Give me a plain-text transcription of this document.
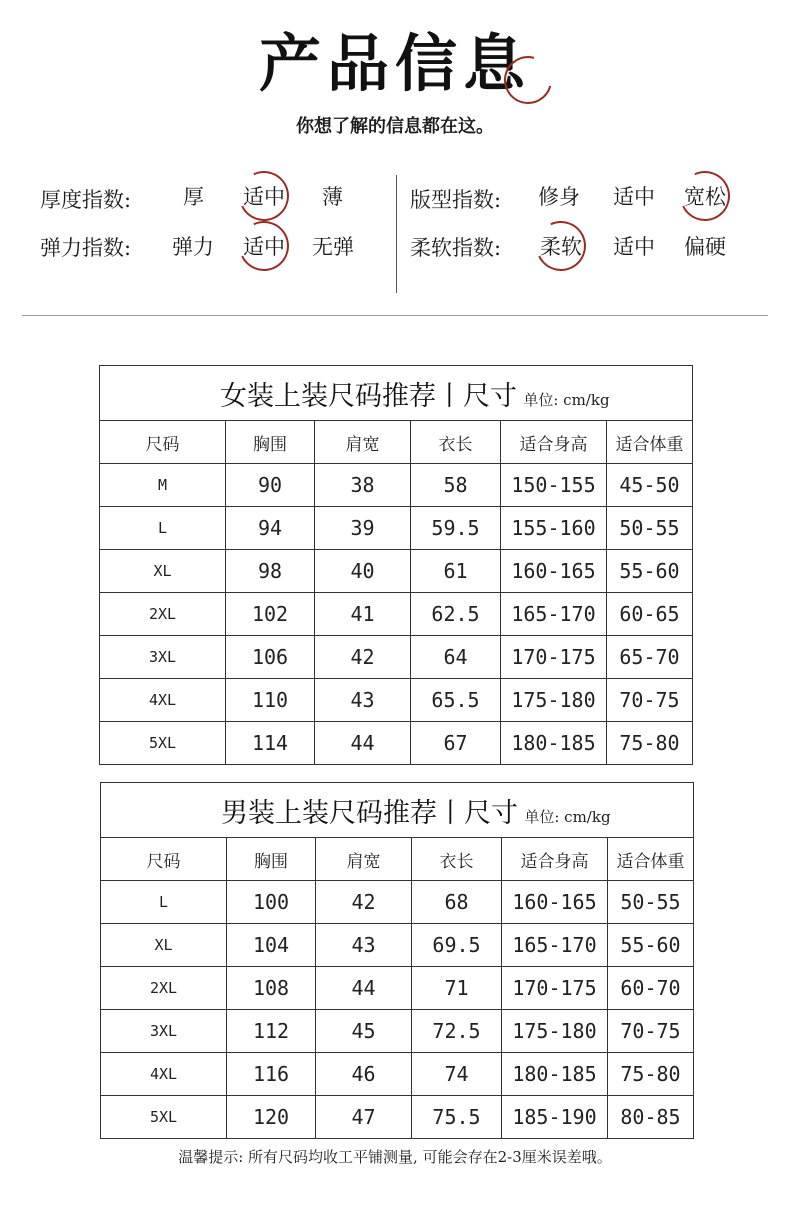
产品信息
你想了解的信息都在这。
厚度指数: 厚 适中 薄
弹力指数: 弹力 适中 无弹
版型指数: 修身 适中 宽松
柔软指数: 柔软 适中 偏硬
女装上装尺码推荐丨尺寸 单位: cm/kg					
尺码	胸围	肩宽	衣长	适合身高	适合体重
M	90	38	58	150-155	45-50
L	94	39	59.5	155-160	50-55
XL	98	40	61	160-165	55-60
2XL	102	41	62.5	165-170	60-65
3XL	106	42	64	170-175	65-70
4XL	110	43	65.5	175-180	70-75
5XL	114	44	67	180-185	75-80
男装上装尺码推荐丨尺寸 单位: cm/kg					
尺码	胸围	肩宽	衣长	适合身高	适合体重
L	100	42	68	160-165	50-55
XL	104	43	69.5	165-170	55-60
2XL	108	44	71	170-175	60-70
3XL	112	45	72.5	175-180	70-75
4XL	116	46	74	180-185	75-80
5XL	120	47	75.5	185-190	80-85
温馨提示: 所有尺码均收工平铺测量, 可能会存在2-3厘米误差哦。
